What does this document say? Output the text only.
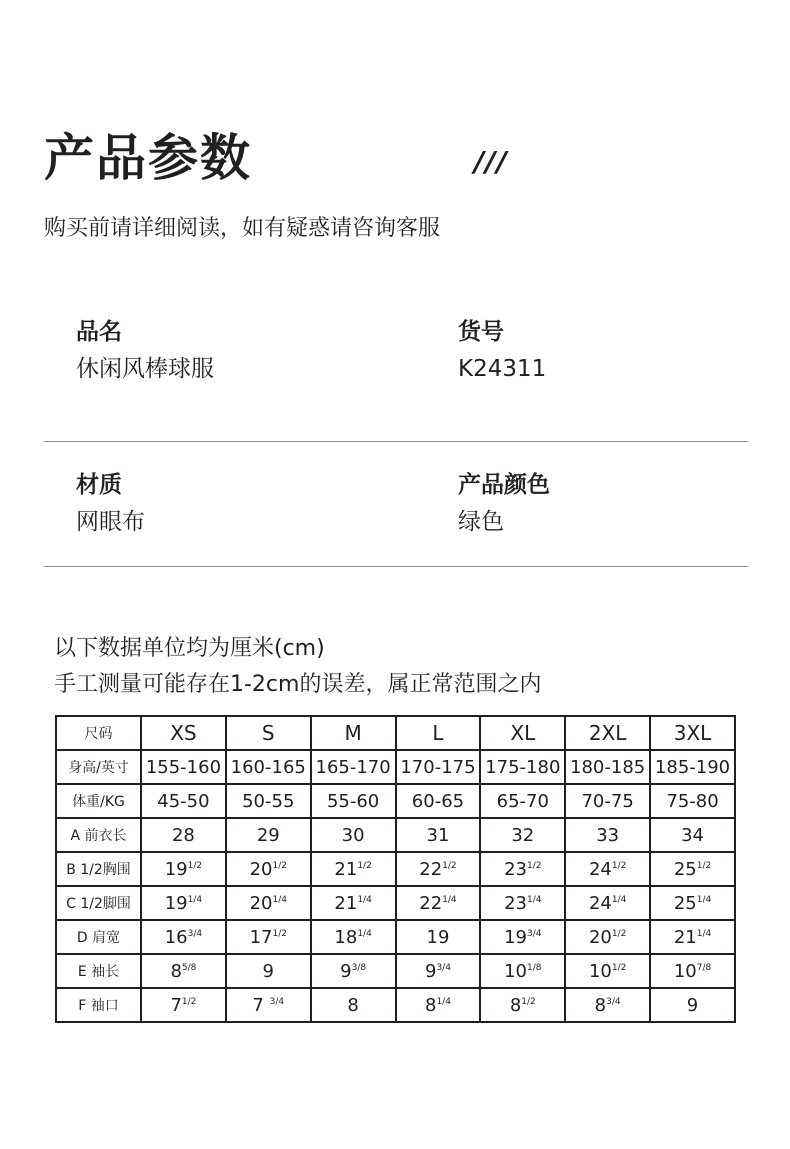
产品参数	///
购买前请详细阅读，如有疑惑请咨询客服
品名
休闲风棒球服
货号
K24311
材质
网眼布
产品颜色
绿色
以下数据单位均为厘米(cm)
手工测量可能存在1-2cm的误差，属正常范围之内
尺码	XS	S	M	L	XL	2XL	3XL
身高/英寸	155-160	160-165	165-170	170-175	175-180	180-185	185-190
体重/KG	45-50	50-55	55-60	60-65	65-70	70-75	75-80
A 前衣长	28	29	30	31	32	33	34
B 1/2胸围	$19^{1/2}$	$20^{1/2}$	$21^{1/2}$	$22^{1/2}$	$23^{1/2}$	$24^{1/2}$	$25^{1/2}$
C 1/2脚围	$19^{1/4}$	$20^{1/4}$	$21^{1/4}$	$22^{1/4}$	$23^{1/4}$	$24^{1/4}$	$25^{1/4}$
D 肩宽	$16^{3/4}$	$17^{1/2}$	$18^{1/4}$	19	$19^{3/4}$	$20^{1/2}$	$21^{1/4}$
E 袖长	$8^{5/8}$	9	$9^{3/8}$	$9^{3/4}$	$10^{1/8}$	$10^{1/2}$	$10^{7/8}$
F 袖口	$7^{1/2}$	7 $^{3/4}$	8	$8^{1/4}$	$8^{1/2}$	$8^{3/4}$	9
